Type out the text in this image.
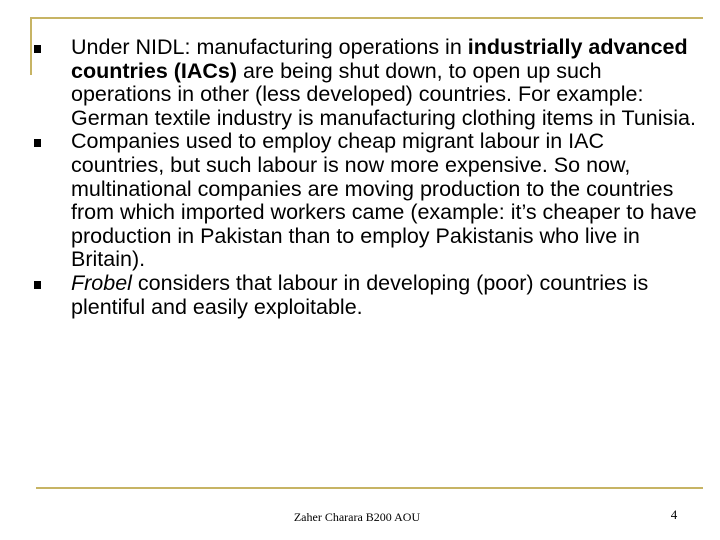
Under NIDL: manufacturing operations in industrially advanced countries (IACs) are being shut down, to open up such operations in other (less developed) countries. For example: German textile industry is manufacturing clothing items in Tunisia.
Companies used to employ cheap migrant labour in IAC countries, but such labour is now more expensive. So now, multinational companies are moving production to the countries from which imported workers came (example: it’s cheaper to have production in Pakistan than to employ Pakistanis who live in Britain).
Frobel considers that labour in developing (poor) countries is plentiful and easily exploitable.
Zaher Charara B200 AOU	4
